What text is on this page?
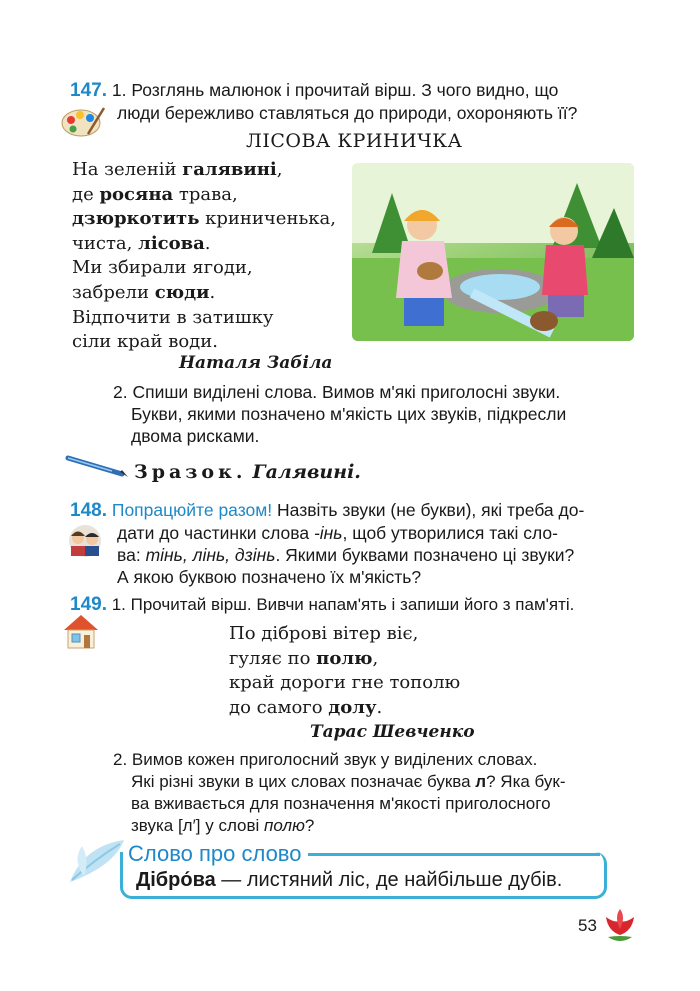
147. 1. Розглянь малюнок і прочитай вірш. З чого видно, що
люди бережливо ставляться до природи, охороняють її?
ЛІСОВА КРИНИЧКА
На зеленій галявині,
де росяна трава,
дзюркотить криниченька,
чиста, лісова.
Ми збирали ягоди,
забрели сюди.
Відпочити в затишку
сіли край води.
Наталя Забіла
2. Спиши виділені слова. Вимов м'які приголосні звуки.
Букви, якими позначено м'якість цих звуків, підкресли
двома рисками.
Зразок. Галявині.
148. Попрацюйте разом! Назвіть звуки (не букви), які треба до-
дати до частинки слова -інь, щоб утворилися такі сло-
ва: тінь, лінь, дзінь. Якими буквами позначено ці звуки?
А якою буквою позначено їх м'якість?
149. 1. Прочитай вірш. Вивчи напам'ять і запиши його з пам'яті.
По діброві вітер віє,
гуляє по полю,
край дороги гне тополю
до самого долу.
Тарас Шевченко
2. Вимов кожен приголосний звук у виділених словах.
Які різні звуки в цих словах позначає буква л? Яка бук-
ва вживається для позначення м'якості приголосного
звука [л′] у слові полю?
Слово про слово
Дібро́ва — листяний ліс, де найбільше дубів.
53
